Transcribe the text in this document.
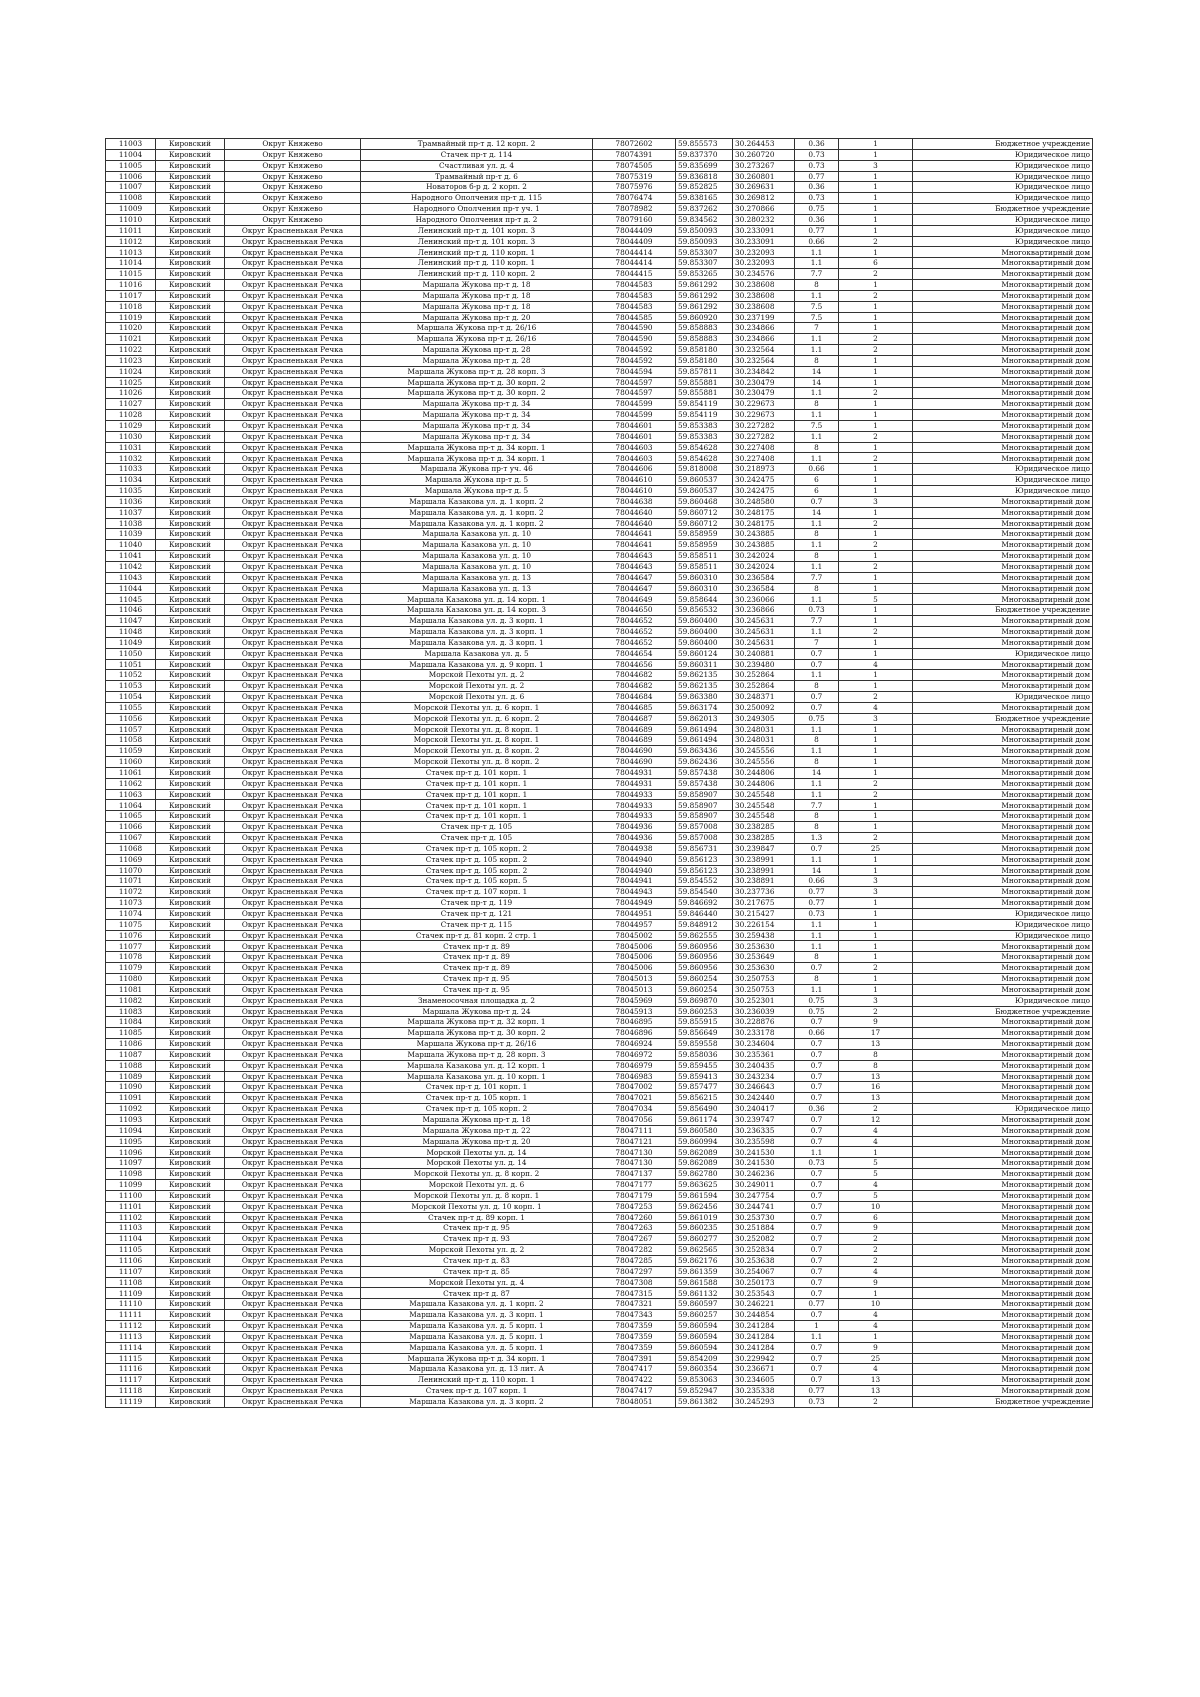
11003	Кировский	Округ Княжево	Трамвайный пр-т д. 12 корп. 2	78072602	59.855573	30.264453	0.36	1	Бюджетное учреждение
11004	Кировский	Округ Княжево	Стачек пр-т д. 114	78074391	59.837370	30.260720	0.73	1	Юридическое лицо
11005	Кировский	Округ Княжево	Счастливая ул. д. 4	78074505	59.835699	30.273267	0.73	3	Юридическое лицо
11006	Кировский	Округ Княжево	Трамвайный пр-т д. 6	78075319	59.836818	30.260801	0.77	1	Юридическое лицо
11007	Кировский	Округ Княжево	Новаторов б-р д. 2 корп. 2	78075976	59.852825	30.269631	0.36	1	Юридическое лицо
11008	Кировский	Округ Княжево	Народного Ополчения пр-т д. 115	78076474	59.838165	30.269812	0.73	1	Юридическое лицо
11009	Кировский	Округ Княжево	Народного Ополчения пр-т уч. 1	78078982	59.837262	30.270866	0.75	1	Бюджетное учреждение
11010	Кировский	Округ Княжево	Народного Ополчения пр-т д. 2	78079160	59.834562	30.280232	0.36	1	Юридическое лицо
11011	Кировский	Округ Красненькая Речка	Ленинский пр-т д. 101 корп. 3	78044409	59.850093	30.233091	0.77	1	Юридическое лицо
11012	Кировский	Округ Красненькая Речка	Ленинский пр-т д. 101 корп. 3	78044409	59.850093	30.233091	0.66	2	Юридическое лицо
11013	Кировский	Округ Красненькая Речка	Ленинский пр-т д. 110 корп. 1	78044414	59.853307	30.232093	1.1	1	Многоквартирный дом
11014	Кировский	Округ Красненькая Речка	Ленинский пр-т д. 110 корп. 1	78044414	59.853307	30.232093	1.1	6	Многоквартирный дом
11015	Кировский	Округ Красненькая Речка	Ленинский пр-т д. 110 корп. 2	78044415	59.853265	30.234576	7.7	2	Многоквартирный дом
11016	Кировский	Округ Красненькая Речка	Маршала Жукова пр-т д. 18	78044583	59.861292	30.238608	8	1	Многоквартирный дом
11017	Кировский	Округ Красненькая Речка	Маршала Жукова пр-т д. 18	78044583	59.861292	30.238608	1.1	2	Многоквартирный дом
11018	Кировский	Округ Красненькая Речка	Маршала Жукова пр-т д. 18	78044583	59.861292	30.238608	7.5	1	Многоквартирный дом
11019	Кировский	Округ Красненькая Речка	Маршала Жукова пр-т д. 20	78044585	59.860920	30.237199	7.5	1	Многоквартирный дом
11020	Кировский	Округ Красненькая Речка	Маршала Жукова пр-т д. 26/16	78044590	59.858883	30.234866	7	1	Многоквартирный дом
11021	Кировский	Округ Красненькая Речка	Маршала Жукова пр-т д. 26/16	78044590	59.858883	30.234866	1.1	2	Многоквартирный дом
11022	Кировский	Округ Красненькая Речка	Маршала Жукова пр-т д. 28	78044592	59.858180	30.232564	1.1	2	Многоквартирный дом
11023	Кировский	Округ Красненькая Речка	Маршала Жукова пр-т д. 28	78044592	59.858180	30.232564	8	1	Многоквартирный дом
11024	Кировский	Округ Красненькая Речка	Маршала Жукова пр-т д. 28 корп. 3	78044594	59.857811	30.234842	14	1	Многоквартирный дом
11025	Кировский	Округ Красненькая Речка	Маршала Жукова пр-т д. 30 корп. 2	78044597	59.855881	30.230479	14	1	Многоквартирный дом
11026	Кировский	Округ Красненькая Речка	Маршала Жукова пр-т д. 30 корп. 2	78044597	59.855881	30.230479	1.1	2	Многоквартирный дом
11027	Кировский	Округ Красненькая Речка	Маршала Жукова пр-т д. 34	78044599	59.854119	30.229673	8	1	Многоквартирный дом
11028	Кировский	Округ Красненькая Речка	Маршала Жукова пр-т д. 34	78044599	59.854119	30.229673	1.1	1	Многоквартирный дом
11029	Кировский	Округ Красненькая Речка	Маршала Жукова пр-т д. 34	78044601	59.853383	30.227282	7.5	1	Многоквартирный дом
11030	Кировский	Округ Красненькая Речка	Маршала Жукова пр-т д. 34	78044601	59.853383	30.227282	1.1	2	Многоквартирный дом
11031	Кировский	Округ Красненькая Речка	Маршала Жукова пр-т д. 34 корп. 1	78044603	59.854628	30.227408	8	1	Многоквартирный дом
11032	Кировский	Округ Красненькая Речка	Маршала Жукова пр-т д. 34 корп. 1	78044603	59.854628	30.227408	1.1	2	Многоквартирный дом
11033	Кировский	Округ Красненькая Речка	Маршала Жукова пр-т уч. 46	78044606	59.818008	30.218973	0.66	1	Юридическое лицо
11034	Кировский	Округ Красненькая Речка	Маршала Жукова пр-т д. 5	78044610	59.860537	30.242475	6	1	Юридическое лицо
11035	Кировский	Округ Красненькая Речка	Маршала Жукова пр-т д. 5	78044610	59.860537	30.242475	6	1	Юридическое лицо
11036	Кировский	Округ Красненькая Речка	Маршала Казакова ул. д. 1 корп. 2	78044638	59.860468	30.248580	0.7	3	Многоквартирный дом
11037	Кировский	Округ Красненькая Речка	Маршала Казакова ул. д. 1 корп. 2	78044640	59.860712	30.248175	14	1	Многоквартирный дом
11038	Кировский	Округ Красненькая Речка	Маршала Казакова ул. д. 1 корп. 2	78044640	59.860712	30.248175	1.1	2	Многоквартирный дом
11039	Кировский	Округ Красненькая Речка	Маршала Казакова ул. д. 10	78044641	59.858959	30.243885	8	1	Многоквартирный дом
11040	Кировский	Округ Красненькая Речка	Маршала Казакова ул. д. 10	78044641	59.858959	30.243885	1.1	2	Многоквартирный дом
11041	Кировский	Округ Красненькая Речка	Маршала Казакова ул. д. 10	78044643	59.858511	30.242024	8	1	Многоквартирный дом
11042	Кировский	Округ Красненькая Речка	Маршала Казакова ул. д. 10	78044643	59.858511	30.242024	1.1	2	Многоквартирный дом
11043	Кировский	Округ Красненькая Речка	Маршала Казакова ул. д. 13	78044647	59.860310	30.236584	7.7	1	Многоквартирный дом
11044	Кировский	Округ Красненькая Речка	Маршала Казакова ул. д. 13	78044647	59.860310	30.236584	8	1	Многоквартирный дом
11045	Кировский	Округ Красненькая Речка	Маршала Казакова ул. д. 14 корп. 1	78044649	59.858644	30.236066	1.1	5	Многоквартирный дом
11046	Кировский	Округ Красненькая Речка	Маршала Казакова ул. д. 14 корп. 3	78044650	59.856532	30.236866	0.73	1	Бюджетное учреждение
11047	Кировский	Округ Красненькая Речка	Маршала Казакова ул. д. 3 корп. 1	78044652	59.860400	30.245631	7.7	1	Многоквартирный дом
11048	Кировский	Округ Красненькая Речка	Маршала Казакова ул. д. 3 корп. 1	78044652	59.860400	30.245631	1.1	2	Многоквартирный дом
11049	Кировский	Округ Красненькая Речка	Маршала Казакова ул. д. 3 корп. 1	78044652	59.860400	30.245631	7	1	Многоквартирный дом
11050	Кировский	Округ Красненькая Речка	Маршала Казакова ул. д. 5	78044654	59.860124	30.240881	0.7	1	Юридическое лицо
11051	Кировский	Округ Красненькая Речка	Маршала Казакова ул. д. 9 корп. 1	78044656	59.860311	30.239480	0.7	4	Многоквартирный дом
11052	Кировский	Округ Красненькая Речка	Морской Пехоты ул. д. 2	78044682	59.862135	30.252864	1.1	1	Многоквартирный дом
11053	Кировский	Округ Красненькая Речка	Морской Пехоты ул. д. 2	78044682	59.862135	30.252864	8	1	Многоквартирный дом
11054	Кировский	Округ Красненькая Речка	Морской Пехоты ул. д. 6	78044684	59.863380	30.248371	0.7	2	Юридическое лицо
11055	Кировский	Округ Красненькая Речка	Морской Пехоты ул. д. 6 корп. 1	78044685	59.863174	30.250092	0.7	4	Многоквартирный дом
11056	Кировский	Округ Красненькая Речка	Морской Пехоты ул. д. 6 корп. 2	78044687	59.862013	30.249305	0.75	3	Бюджетное учреждение
11057	Кировский	Округ Красненькая Речка	Морской Пехоты ул. д. 8 корп. 1	78044689	59.861494	30.248031	1.1	1	Многоквартирный дом
11058	Кировский	Округ Красненькая Речка	Морской Пехоты ул. д. 8 корп. 1	78044689	59.861494	30.248031	8	1	Многоквартирный дом
11059	Кировский	Округ Красненькая Речка	Морской Пехоты ул. д. 8 корп. 2	78044690	59.863436	30.245556	1.1	1	Многоквартирный дом
11060	Кировский	Округ Красненькая Речка	Морской Пехоты ул. д. 8 корп. 2	78044690	59.862436	30.245556	8	1	Многоквартирный дом
11061	Кировский	Округ Красненькая Речка	Стачек пр-т д. 101 корп. 1	78044931	59.857438	30.244806	14	1	Многоквартирный дом
11062	Кировский	Округ Красненькая Речка	Стачек пр-т д. 101 корп. 1	78044931	59.857438	30.244806	1.1	2	Многоквартирный дом
11063	Кировский	Округ Красненькая Речка	Стачек пр-т д. 101 корп. 1	78044933	59.858907	30.245548	1.1	2	Многоквартирный дом
11064	Кировский	Округ Красненькая Речка	Стачек пр-т д. 101 корп. 1	78044933	59.858907	30.245548	7.7	1	Многоквартирный дом
11065	Кировский	Округ Красненькая Речка	Стачек пр-т д. 101 корп. 1	78044933	59.858907	30.245548	8	1	Многоквартирный дом
11066	Кировский	Округ Красненькая Речка	Стачек пр-т д. 105	78044936	59.857008	30.238285	8	1	Многоквартирный дом
11067	Кировский	Округ Красненькая Речка	Стачек пр-т д. 105	78044936	59.857008	30.238285	1.3	2	Многоквартирный дом
11068	Кировский	Округ Красненькая Речка	Стачек пр-т д. 105 корп. 2	78044938	59.856731	30.239847	0.7	25	Многоквартирный дом
11069	Кировский	Округ Красненькая Речка	Стачек пр-т д. 105 корп. 2	78044940	59.856123	30.238991	1.1	1	Многоквартирный дом
11070	Кировский	Округ Красненькая Речка	Стачек пр-т д. 105 корп. 2	78044940	59.856123	30.238991	14	1	Многоквартирный дом
11071	Кировский	Округ Красненькая Речка	Стачек пр-т д. 105 корп. 5	78044941	59.854552	30.238891	0.66	3	Многоквартирный дом
11072	Кировский	Округ Красненькая Речка	Стачек пр-т д. 107 корп. 1	78044943	59.854540	30.237736	0.77	3	Многоквартирный дом
11073	Кировский	Округ Красненькая Речка	Стачек пр-т д. 119	78044949	59.846692	30.217675	0.77	1	Многоквартирный дом
11074	Кировский	Округ Красненькая Речка	Стачек пр-т д. 121	78044951	59.846440	30.215427	0.73	1	Юридическое лицо
11075	Кировский	Округ Красненькая Речка	Стачек пр-т д. 115	78044957	59.848912	30.226154	1.1	1	Юридическое лицо
11076	Кировский	Округ Красненькая Речка	Стачек пр-т д. 81 корп. 2 стр. 1	78045002	59.862555	30.259438	1.1	1	Юридическое лицо
11077	Кировский	Округ Красненькая Речка	Стачек пр-т д. 89	78045006	59.860956	30.253630	1.1	1	Многоквартирный дом
11078	Кировский	Округ Красненькая Речка	Стачек пр-т д. 89	78045006	59.860956	30.253649	8	1	Многоквартирный дом
11079	Кировский	Округ Красненькая Речка	Стачек пр-т д. 89	78045006	59.860956	30.253630	0.7	2	Многоквартирный дом
11080	Кировский	Округ Красненькая Речка	Стачек пр-т д. 95	78045013	59.860254	30.250753	8	1	Многоквартирный дом
11081	Кировский	Округ Красненькая Речка	Стачек пр-т д. 95	78045013	59.860254	30.250753	1.1	1	Многоквартирный дом
11082	Кировский	Округ Красненькая Речка	Знаменосочная площадка д. 2	78045969	59.869870	30.252301	0.75	3	Юридическое лицо
11083	Кировский	Округ Красненькая Речка	Маршала Жукова пр-т д. 24	78045913	59.860253	30.236039	0.75	2	Бюджетное учреждение
11084	Кировский	Округ Красненькая Речка	Маршала Жукова пр-т д. 32 корп. 1	78046895	59.855915	30.228876	0.7	9	Многоквартирный дом
11085	Кировский	Округ Красненькая Речка	Маршала Жукова пр-т д. 30 корп. 2	78046896	59.856649	30.233178	0.66	17	Многоквартирный дом
11086	Кировский	Округ Красненькая Речка	Маршала Жукова пр-т д. 26/16	78046924	59.859558	30.234604	0.7	13	Многоквартирный дом
11087	Кировский	Округ Красненькая Речка	Маршала Жукова пр-т д. 28 корп. 3	78046972	59.858036	30.235361	0.7	8	Многоквартирный дом
11088	Кировский	Округ Красненькая Речка	Маршала Казакова ул. д. 12 корп. 1	78046979	59.859455	30.240435	0.7	8	Многоквартирный дом
11089	Кировский	Округ Красненькая Речка	Маршала Казакова ул. д. 10 корп. 1	78046983	59.859413	30.243234	0.7	13	Многоквартирный дом
11090	Кировский	Округ Красненькая Речка	Стачек пр-т д. 101 корп. 1	78047002	59.857477	30.246643	0.7	16	Многоквартирный дом
11091	Кировский	Округ Красненькая Речка	Стачек пр-т д. 105 корп. 1	78047021	59.856215	30.242440	0.7	13	Многоквартирный дом
11092	Кировский	Округ Красненькая Речка	Стачек пр-т д. 105 корп. 2	78047034	59.856490	30.240417	0.36	2	Юридическое лицо
11093	Кировский	Округ Красненькая Речка	Маршала Жукова пр-т д. 18	78047056	59.861174	30.239747	0.7	12	Многоквартирный дом
11094	Кировский	Округ Красненькая Речка	Маршала Жукова пр-т д. 22	78047111	59.860580	30.236335	0.7	4	Многоквартирный дом
11095	Кировский	Округ Красненькая Речка	Маршала Жукова пр-т д. 20	78047121	59.860994	30.235598	0.7	4	Многоквартирный дом
11096	Кировский	Округ Красненькая Речка	Морской Пехоты ул. д. 14	78047130	59.862089	30.241530	1.1	1	Многоквартирный дом
11097	Кировский	Округ Красненькая Речка	Морской Пехоты ул. д. 14	78047130	59.862089	30.241530	0.73	5	Многоквартирный дом
11098	Кировский	Округ Красненькая Речка	Морской Пехоты ул. д. 8 корп. 2	78047137	59.862780	30.246236	0.7	5	Многоквартирный дом
11099	Кировский	Округ Красненькая Речка	Морской Пехоты ул. д. 6	78047177	59.863625	30.249011	0.7	4	Многоквартирный дом
11100	Кировский	Округ Красненькая Речка	Морской Пехоты ул. д. 8 корп. 1	78047179	59.861594	30.247754	0.7	5	Многоквартирный дом
11101	Кировский	Округ Красненькая Речка	Морской Пехоты ул. д. 10 корп. 1	78047253	59.862456	30.244741	0.7	10	Многоквартирный дом
11102	Кировский	Округ Красненькая Речка	Стачек пр-т д. 89 корп. 1	78047260	59.861019	30.253730	0.7	6	Многоквартирный дом
11103	Кировский	Округ Красненькая Речка	Стачек пр-т д. 95	78047263	59.860235	30.251884	0.7	9	Многоквартирный дом
11104	Кировский	Округ Красненькая Речка	Стачек пр-т д. 93	78047267	59.860277	30.252082	0.7	2	Многоквартирный дом
11105	Кировский	Округ Красненькая Речка	Морской Пехоты ул. д. 2	78047282	59.862565	30.252834	0.7	2	Многоквартирный дом
11106	Кировский	Округ Красненькая Речка	Стачек пр-т д. 83	78047285	59.862176	30.253638	0.7	2	Многоквартирный дом
11107	Кировский	Округ Красненькая Речка	Стачек пр-т д. 85	78047297	59.861359	30.254067	0.7	4	Многоквартирный дом
11108	Кировский	Округ Красненькая Речка	Морской Пехоты ул. д. 4	78047308	59.861588	30.250173	0.7	9	Многоквартирный дом
11109	Кировский	Округ Красненькая Речка	Стачек пр-т д. 87	78047315	59.861132	30.253543	0.7	1	Многоквартирный дом
11110	Кировский	Округ Красненькая Речка	Маршала Казакова ул. д. 1 корп. 2	78047321	59.860597	30.246221	0.77	10	Многоквартирный дом
11111	Кировский	Округ Красненькая Речка	Маршала Казакова ул. д. 3 корп. 1	78047343	59.860257	30.244854	0.7	4	Многоквартирный дом
11112	Кировский	Округ Красненькая Речка	Маршала Казакова ул. д. 5 корп. 1	78047359	59.860594	30.241284	1	4	Многоквартирный дом
11113	Кировский	Округ Красненькая Речка	Маршала Казакова ул. д. 5 корп. 1	78047359	59.860594	30.241284	1.1	1	Многоквартирный дом
11114	Кировский	Округ Красненькая Речка	Маршала Казакова ул. д. 5 корп. 1	78047359	59.860594	30.241284	0.7	9	Многоквартирный дом
11115	Кировский	Округ Красненькая Речка	Маршала Жукова пр-т д. 34 корп. 1	78047391	59.854209	30.229942	0.7	25	Многоквартирный дом
11116	Кировский	Округ Красненькая Речка	Маршала Казакова ул. д. 13 лит. А	78047417	59.860354	30.236671	0.7	4	Многоквартирный дом
11117	Кировский	Округ Красненькая Речка	Ленинский пр-т д. 110 корп. 1	78047422	59.853063	30.234605	0.7	13	Многоквартирный дом
11118	Кировский	Округ Красненькая Речка	Стачек пр-т д. 107 корп. 1	78047417	59.852947	30.235338	0.77	13	Многоквартирный дом
11119	Кировский	Округ Красненькая Речка	Маршала Казакова ул. д. 3 корп. 2	78048051	59.861382	30.245293	0.73	2	Бюджетное учреждение
